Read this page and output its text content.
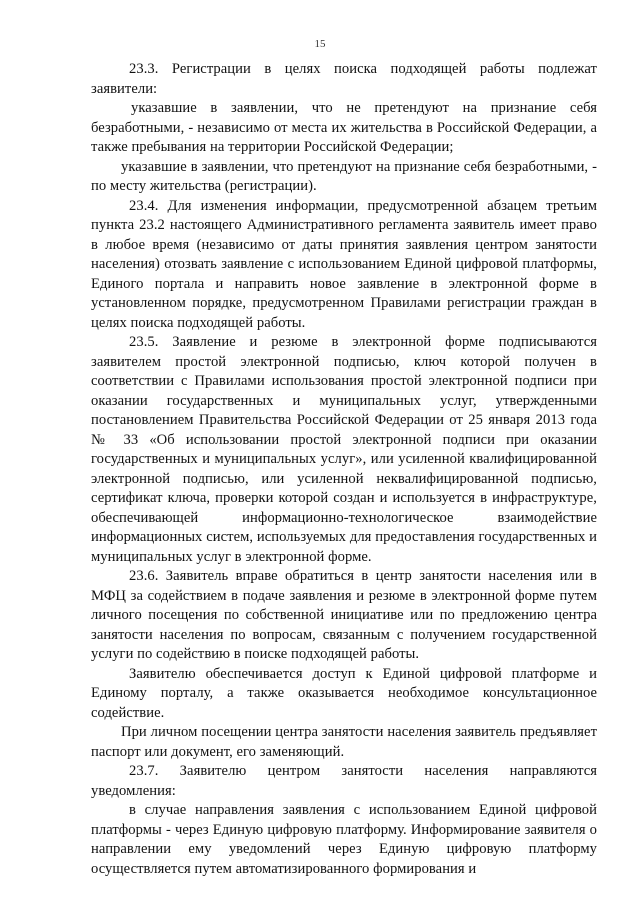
15

23.3. Регистрации в целях поиска подходящей работы подлежат заявители:

указавшие в заявлении, что не претендуют на признание себя безработными, - независимо от места их жительства в Российской Федерации, а также пребывания на территории Российской Федерации;

указавшие в заявлении, что претендуют на признание себя безработными, - по месту жительства (регистрации).

23.4. Для изменения информации, предусмотренной абзацем третьим пункта 23.2 настоящего Административного регламента заявитель имеет право в любое время (независимо от даты принятия заявления центром занятости населения) отозвать заявление с использованием Единой цифровой платформы, Единого портала и направить новое заявление в электронной форме в установленном порядке, предусмотренном Правилами регистрации граждан в целях поиска подходящей работы.

23.5. Заявление и резюме в электронной форме подписываются заявителем простой электронной подписью, ключ которой получен в соответствии с Правилами использования простой электронной подписи при оказании государственных и муниципальных услуг, утвержденными постановлением Правительства Российской Федерации от 25 января 2013 года № 33 «Об использовании простой электронной подписи при оказании государственных и муниципальных услуг», или усиленной квалифицированной электронной подписью, или усиленной неквалифицированной подписью, сертификат ключа, проверки которой создан и используется в инфраструктуре, обеспечивающей информационно-технологическое взаимодействие информационных систем, используемых для предоставления государственных и муниципальных услуг в электронной форме.

23.6. Заявитель вправе обратиться в центр занятости населения или в МФЦ за содействием в подаче заявления и резюме в электронной форме путем личного посещения по собственной инициативе или по предложению центра занятости населения по вопросам, связанным с получением государственной услуги по содействию в поиске подходящей работы.

Заявителю обеспечивается доступ к Единой цифровой платформе и Единому порталу, а также оказывается необходимое консультационное содействие.

При личном посещении центра занятости населения заявитель предъявляет паспорт или документ, его заменяющий.

23.7. Заявителю центром занятости населения направляются уведомления:

в случае направления заявления с использованием Единой цифровой платформы - через Единую цифровую платформу. Информирование заявителя о направлении ему уведомлений через Единую цифровую платформу осуществляется путем автоматизированного формирования и
